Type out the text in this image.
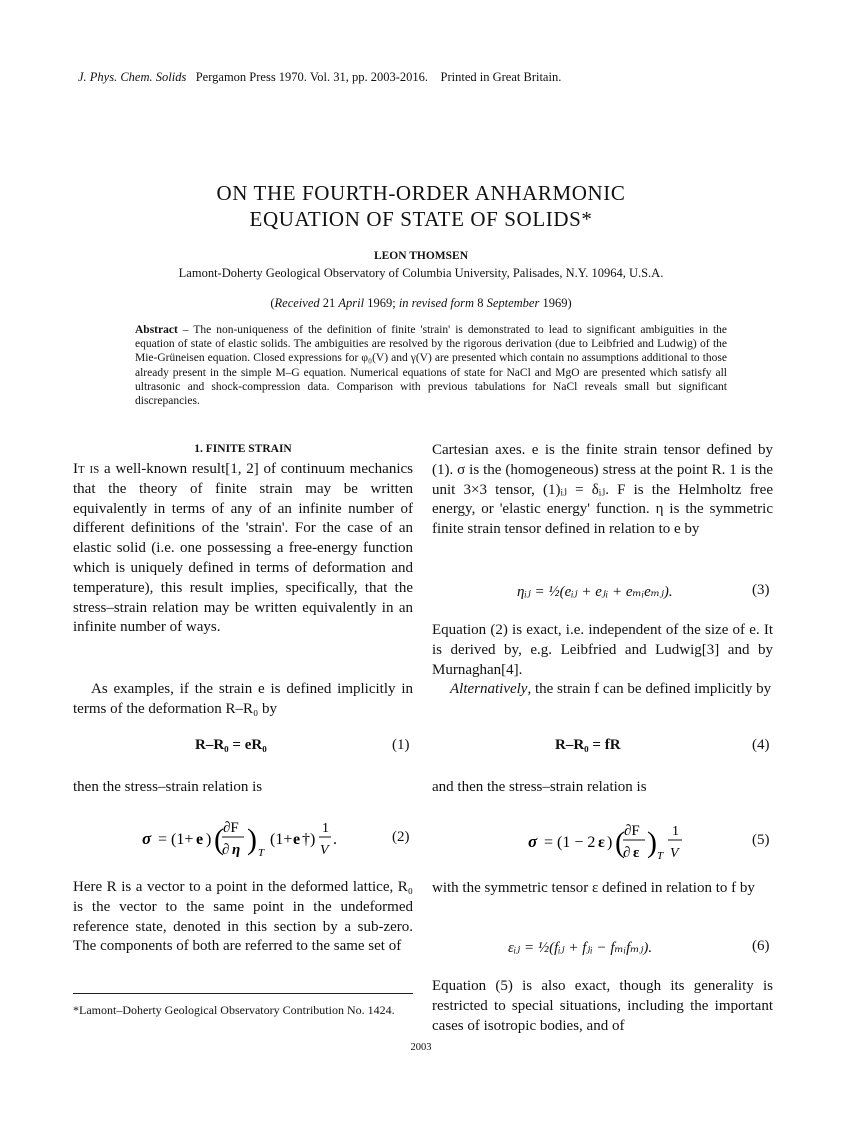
J. Phys. Chem. Solids Pergamon Press 1970. Vol. 31, pp. 2003-2016. Printed in Great Britain.
ON THE FOURTH-ORDER ANHARMONIC
EQUATION OF STATE OF SOLIDS*
LEON THOMSEN
Lamont-Doherty Geological Observatory of Columbia University, Palisades, N.Y. 10964, U.S.A.
(Received 21 April 1969; in revised form 8 September 1969)
Abstract – The non-uniqueness of the definition of finite 'strain' is demonstrated to lead to significant ambiguities in the equation of state of elastic solids. The ambiguities are resolved by the rigorous derivation (due to Leibfried and Ludwig) of the Mie-Grüneisen equation. Closed expressions for φ₀(V) and γ(V) are presented which contain no assumptions additional to those already present in the simple M–G equation. Numerical equations of state for NaCl and MgO are presented which satisfy all ultrasonic and shock-compression data. Comparison with previous tabulations for NaCl reveals small but significant discrepancies.
1. FINITE STRAIN
It is a well-known result[1, 2] of continuum mechanics that the theory of finite strain may be written equivalently in terms of any of an infinite number of different definitions of the 'strain'. For the case of an elastic solid (i.e. one possessing a free-energy function which is uniquely defined in terms of deformation and temperature), this result implies, specifically, that the stress–strain relation may be written equivalently in an infinite number of ways.
As examples, if the strain e is defined implicitly in terms of the deformation R–R₀ by
R–R₀ = eR₀	(1)
then the stress–strain relation is
σ = (1+ e ) ( ∂F
∂ η ) T
(1+ e †)
1
V
.	(2)
Here R is a vector to a point in the deformed lattice, R₀ is the vector to the same point in the undeformed reference state, denoted in this section by a sub-zero. The components of both are referred to the same set of
*Lamont–Doherty Geological Observatory Contribution No. 1424.
Cartesian axes. e is the finite strain tensor defined by (1). σ is the (homogeneous) stress at the point R. 1 is the unit 3×3 tensor, (1)ᵢⱼ = δᵢⱼ. F is the Helmholtz free energy, or 'elastic energy' function. η is the symmetric finite strain tensor defined in relation to e by
ηᵢⱼ = ½(eᵢⱼ + eⱼᵢ + eₘᵢeₘⱼ).	(3)
Equation (2) is exact, i.e. independent of the size of e. It is derived by, e.g. Leibfried and Ludwig[3] and by Murnaghan[4].
Alternatively, the strain f can be defined implicitly by
R–R₀ = fR	(4)
and then the stress–strain relation is
σ = (1 − 2 ε ) ( ∂F
∂ ε ) T
1
V
(5)
with the symmetric tensor ε defined in relation to f by
εᵢⱼ = ½(fᵢⱼ + fⱼᵢ − fₘᵢfₘⱼ).	(6)
Equation (5) is also exact, though its generality is restricted to special situations, including the important cases of isotropic bodies, and of
2003
